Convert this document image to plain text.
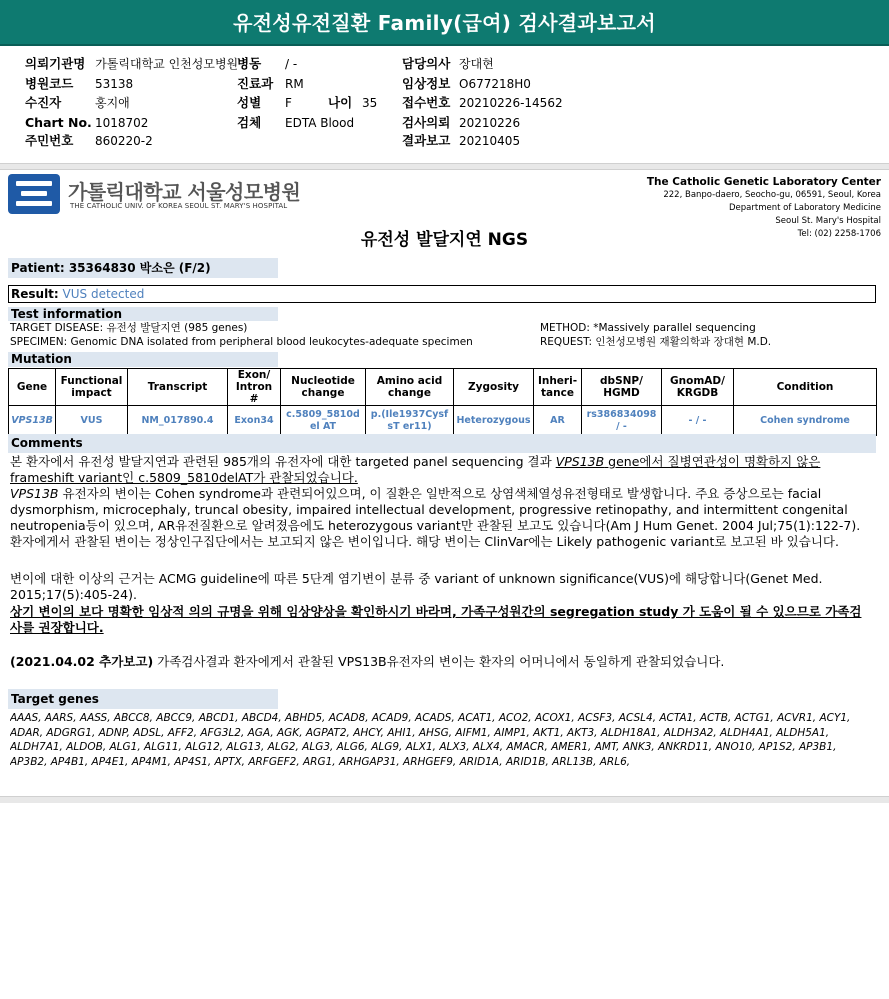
유전성유전질환 Family(급여) 검사결과보고서
의뢰기관명 가톨릭대학교 인천성모병원
병원코드 53138
수진자	홍지애
Chart No. 1018702
주민번호 860220-2
병동 / -
진료과 RM
성별 F	나이 35
검체 EDTA Blood
담당의사 장대현
임상정보 O677218H0
접수번호 20210226-14562
검사의뢰 20210226
결과보고 20210405
가톨릭대학교 서울성모병원
THE CATHOLIC UNIV. OF KOREA SEOUL ST. MARY'S HOSPITAL
The Catholic Genetic Laboratory Center
222, Banpo-daero, Seocho-gu, 06591, Seoul, Korea
Department of Laboratory Medicine
Seoul St. Mary's Hospital
Tel: (02) 2258-1706
유전성 발달지연 NGS
Patient: 35364830 박소은 (F/2)
Result: VUS detected
Test information
TARGET DISEASE: 유전성 발달지연 (985 genes)
SPECIMEN: Genomic DNA isolated from peripheral blood leukocytes-adequate specimen
METHOD: *Massively parallel sequencing
REQUEST: 인천성모병원 재활의학과 장대현 M.D.
Mutation
Gene	Functional impact	Transcript	Exon/ Intron #	Nucleotide change	Amino acid change	Zygosity	Inheri- tance	dbSNP/ HGMD	GnomAD/ KRGDB	Condition
VPS13B	VUS	NM_017890.4	Exon34	c.5809_5810del AT	p.(Ile1937CysfsT er11)	Heterozygous	AR	rs386834098 / -	- / -	Cohen syndrome
Comments
본 환자에서 유전성 발달지연과 관련된 985개의 유전자에 대한 targeted panel sequencing 결과 VPS13B gene에서 질병연관성이 명확하지 않은 frameshift variant인 c.5809_5810delAT가 관찰되었습니다.
VPS13B 유전자의 변이는 Cohen syndrome과 관련되어있으며, 이 질환은 일반적으로 상염색체열성유전형태로 발생합니다. 주요 증상으로는 facial dysmorphism, microcephaly, truncal obesity, impaired intellectual development, progressive retinopathy, and intermittent congenital neutropenia등이 있으며, AR유전질환으로 알려졌음에도 heterozygous variant만 관찰된 보고도 있습니다(Am J Hum Genet. 2004 Jul;75(1):122-7). 환자에게서 관찰된 변이는 정상인구집단에서는 보고되지 않은 변이입니다. 해당 변이는 ClinVar에는 Likely pathogenic variant로 보고된 바 있습니다.
변이에 대한 이상의 근거는 ACMG guideline에 따른 5단계 염기변이 분류 중 variant of unknown significance(VUS)에 해당합니다(Genet Med. 2015;17(5):405-24).
상기 변이의 보다 명확한 임상적 의의 규명을 위해 임상양상을 확인하시기 바라며, 가족구성원간의 segregation study 가 도움이 될 수 있으므로 가족검사를 권장합니다.
(2021.04.02 추가보고) 가족검사결과 환자에게서 관찰된 VPS13B유전자의 변이는 환자의 어머니에서 동일하게 관찰되었습니다.
Target genes
AAAS, AARS, AASS, ABCC8, ABCC9, ABCD1, ABCD4, ABHD5, ACAD8, ACAD9, ACADS, ACAT1, ACO2, ACOX1, ACSF3, ACSL4, ACTA1, ACTB, ACTG1, ACVR1, ACY1, ADAR, ADGRG1, ADNP, ADSL, AFF2, AFG3L2, AGA, AGK, AGPAT2, AHCY, AHI1, AHSG, AIFM1, AIMP1, AKT1, AKT3, ALDH18A1, ALDH3A2, ALDH4A1, ALDH5A1, ALDH7A1, ALDOB, ALG1, ALG11, ALG12, ALG13, ALG2, ALG3, ALG6, ALG9, ALX1, ALX3, ALX4, AMACR, AMER1, AMT, ANK3, ANKRD11, ANO10, AP1S2, AP3B1, AP3B2, AP4B1, AP4E1, AP4M1, AP4S1, APTX, ARFGEF2, ARG1, ARHGAP31, ARHGEF9, ARID1A, ARID1B, ARL13B, ARL6,
